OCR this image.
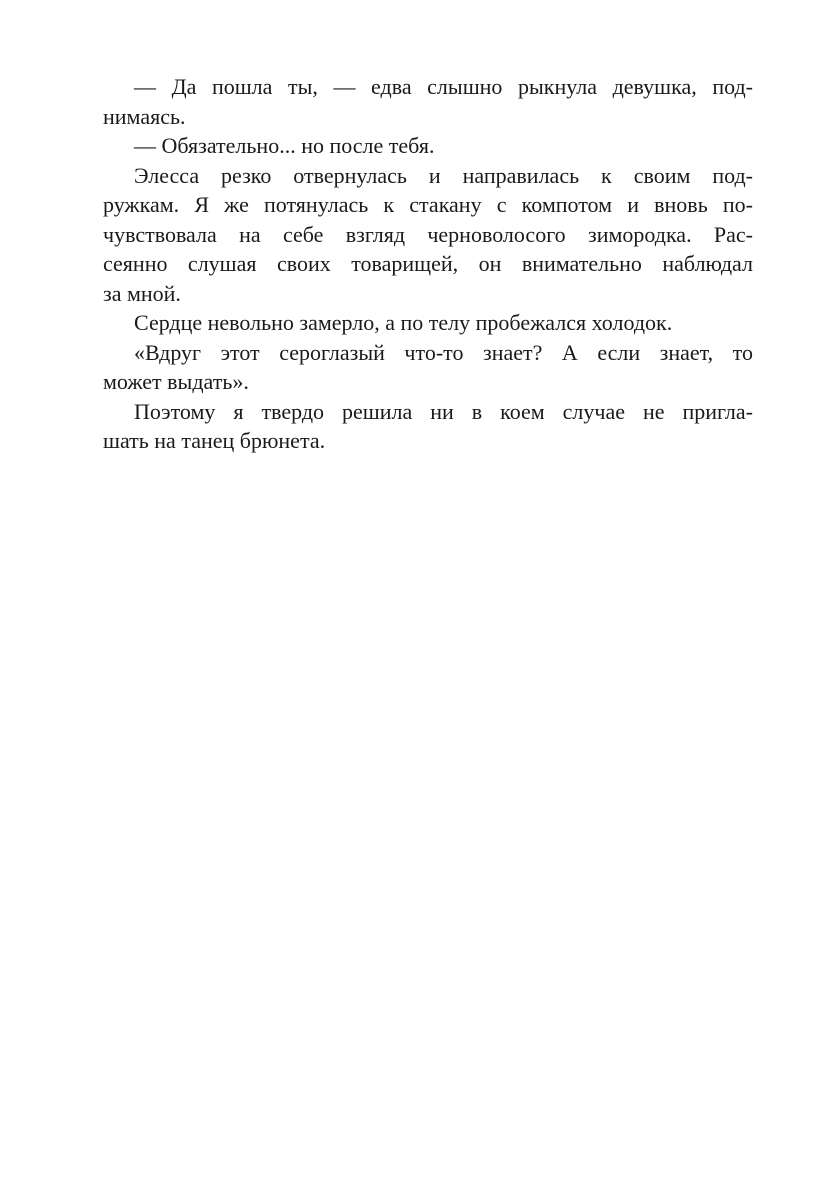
— Да пошла ты, — едва слышно рыкнула девушка, под-
нимаясь.
— Обязательно... но после тебя.
Элесса резко отвернулась и направилась к своим под-
ружкам. Я же потянулась к стакану с компотом и вновь по-
чувствовала на себе взгляд черноволосого зимородка. Рас-
сеянно слушая своих товарищей, он внимательно наблюдал
за мной.
Сердце невольно замерло, а по телу пробежался холодок.
«Вдруг этот сероглазый что-то знает? А если знает, то
может выдать».
Поэтому я твердо решила ни в коем случае не пригла-
шать на танец брюнета.
